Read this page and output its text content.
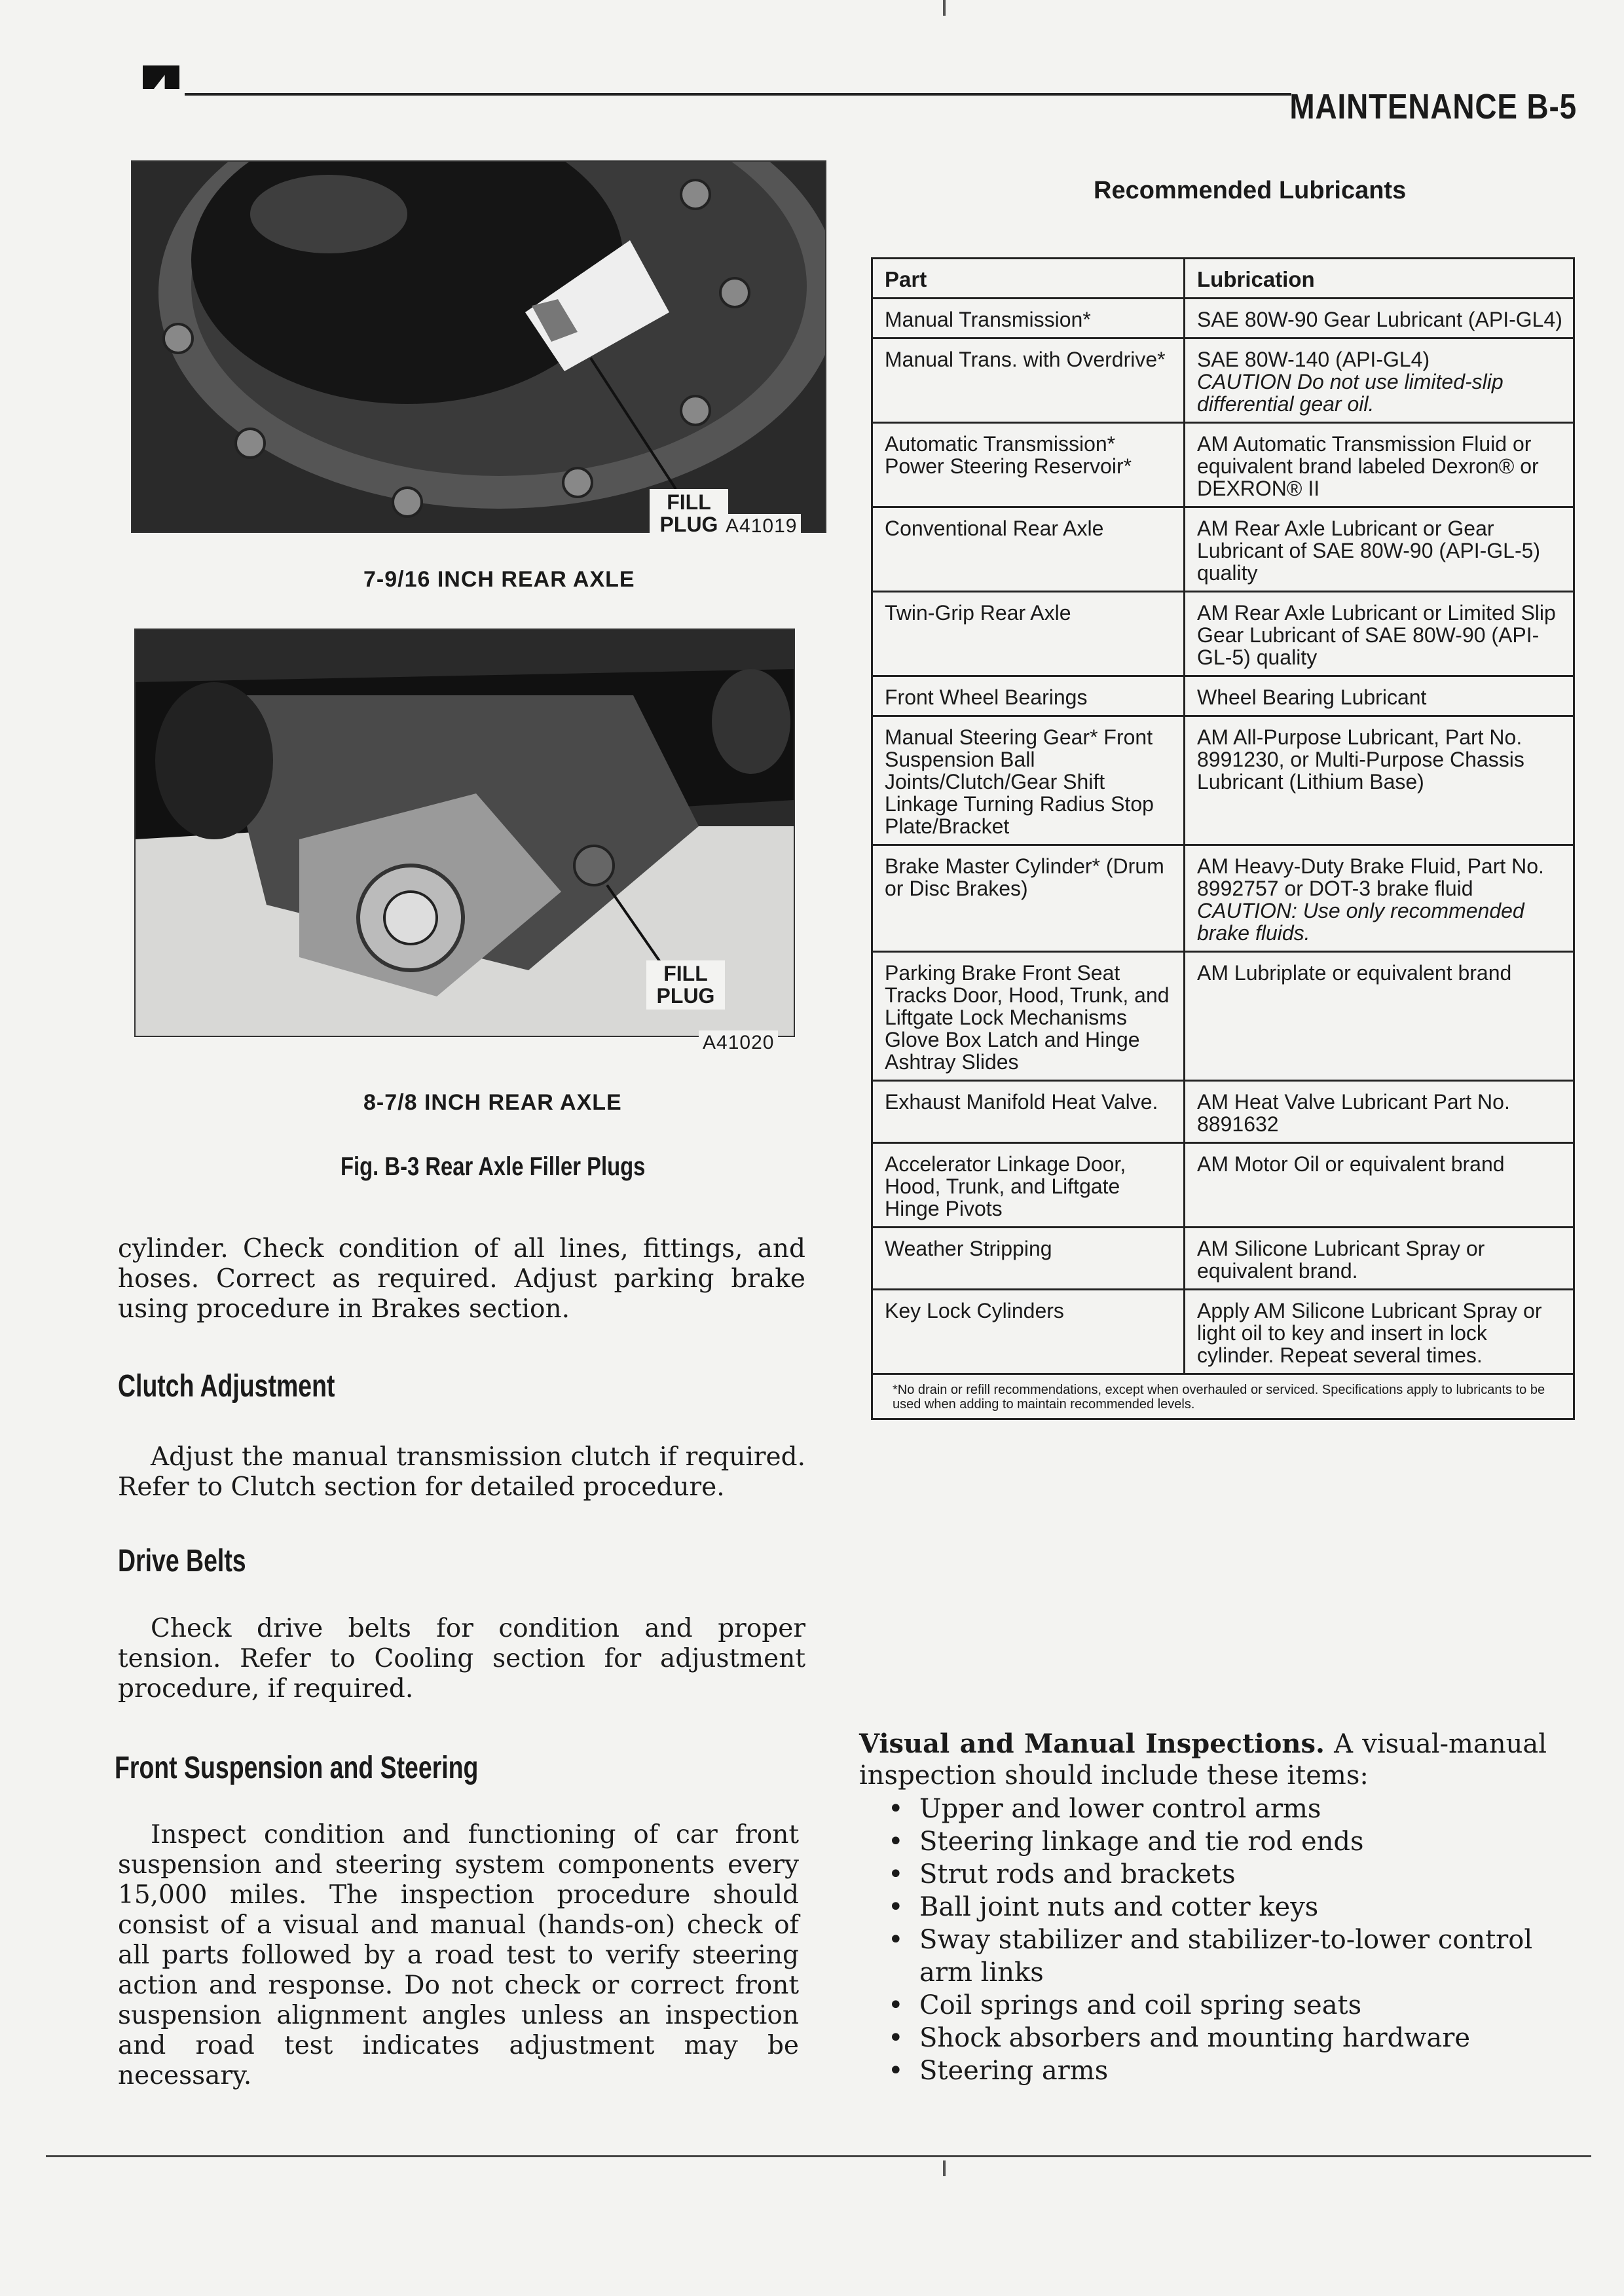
MAINTENANCE B-5
FILL
PLUG A41019
7-9/16 INCH REAR AXLE
FILL
PLUG
A41020
8-7/8 INCH REAR AXLE
Fig. B-3 Rear Axle Filler Plugs
cylinder. Check condition of all lines, fittings, and hoses. Correct as required. Adjust parking brake using procedure in Brakes section.
Clutch Adjustment
Adjust the manual transmission clutch if required. Refer to Clutch section for detailed procedure.
Drive Belts
Check drive belts for condition and proper tension. Refer to Cooling section for adjustment procedure, if required.
Front Suspension and Steering
Inspect condition and functioning of car front suspension and steering system components every 15,000 miles. The inspection procedure should consist of a visual and manual (hands-on) check of all parts followed by a road test to verify steering action and response. Do not check or correct front suspension alignment angles unless an inspection and road test indicates adjustment may be necessary.
Recommended Lubricants
Part	Lubrication
Manual Transmission*	SAE 80W-90 Gear Lubricant (API-GL4)
Manual Trans. with Overdrive*	SAE 80W-140 (API-GL4)
CAUTION Do not use limited-slip differential gear oil.

Automatic Transmission* Power Steering Reservoir*	AM Automatic Transmission Fluid or equivalent brand labeled Dexron® or DEXRON® II
Conventional Rear Axle	AM Rear Axle Lubricant or Gear Lubricant of SAE 80W-90 (API-GL-5) quality
Twin-Grip Rear Axle	AM Rear Axle Lubricant or Limited Slip Gear Lubricant of SAE 80W-90 (API-GL-5) quality
Front Wheel Bearings	Wheel Bearing Lubricant
Manual Steering Gear* Front Suspension Ball Joints/Clutch/Gear Shift Linkage Turning Radius Stop Plate/Bracket	AM All-Purpose Lubricant, Part No. 8991230, or Multi-Purpose Chassis Lubricant (Lithium Base)
Brake Master Cylinder* (Drum or Disc Brakes)	AM Heavy-Duty Brake Fluid, Part No. 8992757 or DOT-3 brake fluid
CAUTION: Use only recommended brake fluids.

Parking Brake Front Seat Tracks Door, Hood, Trunk, and Liftgate Lock Mechanisms Glove Box Latch and Hinge Ashtray Slides	AM Lubriplate or equivalent brand
Exhaust Manifold Heat Valve.	AM Heat Valve Lubricant Part No. 8891632
Accelerator Linkage Door, Hood, Trunk, and Liftgate Hinge Pivots	AM Motor Oil or equivalent brand
Weather Stripping	AM Silicone Lubricant Spray or equivalent brand.
Key Lock Cylinders	Apply AM Silicone Lubricant Spray or light oil to key and insert in lock cylinder. Repeat several times.
*No drain or refill recommendations, except when overhauled or serviced. Specifications apply to lubricants to be used when adding to maintain recommended levels.	
Visual and Manual Inspections. A visual-manual inspection should include these items:
• Upper and lower control arms
• Steering linkage and tie rod ends
• Strut rods and brackets
• Ball joint nuts and cotter keys
• Sway stabilizer and stabilizer-to-lower control arm links
• Coil springs and coil spring seats
• Shock absorbers and mounting hardware
• Steering arms
